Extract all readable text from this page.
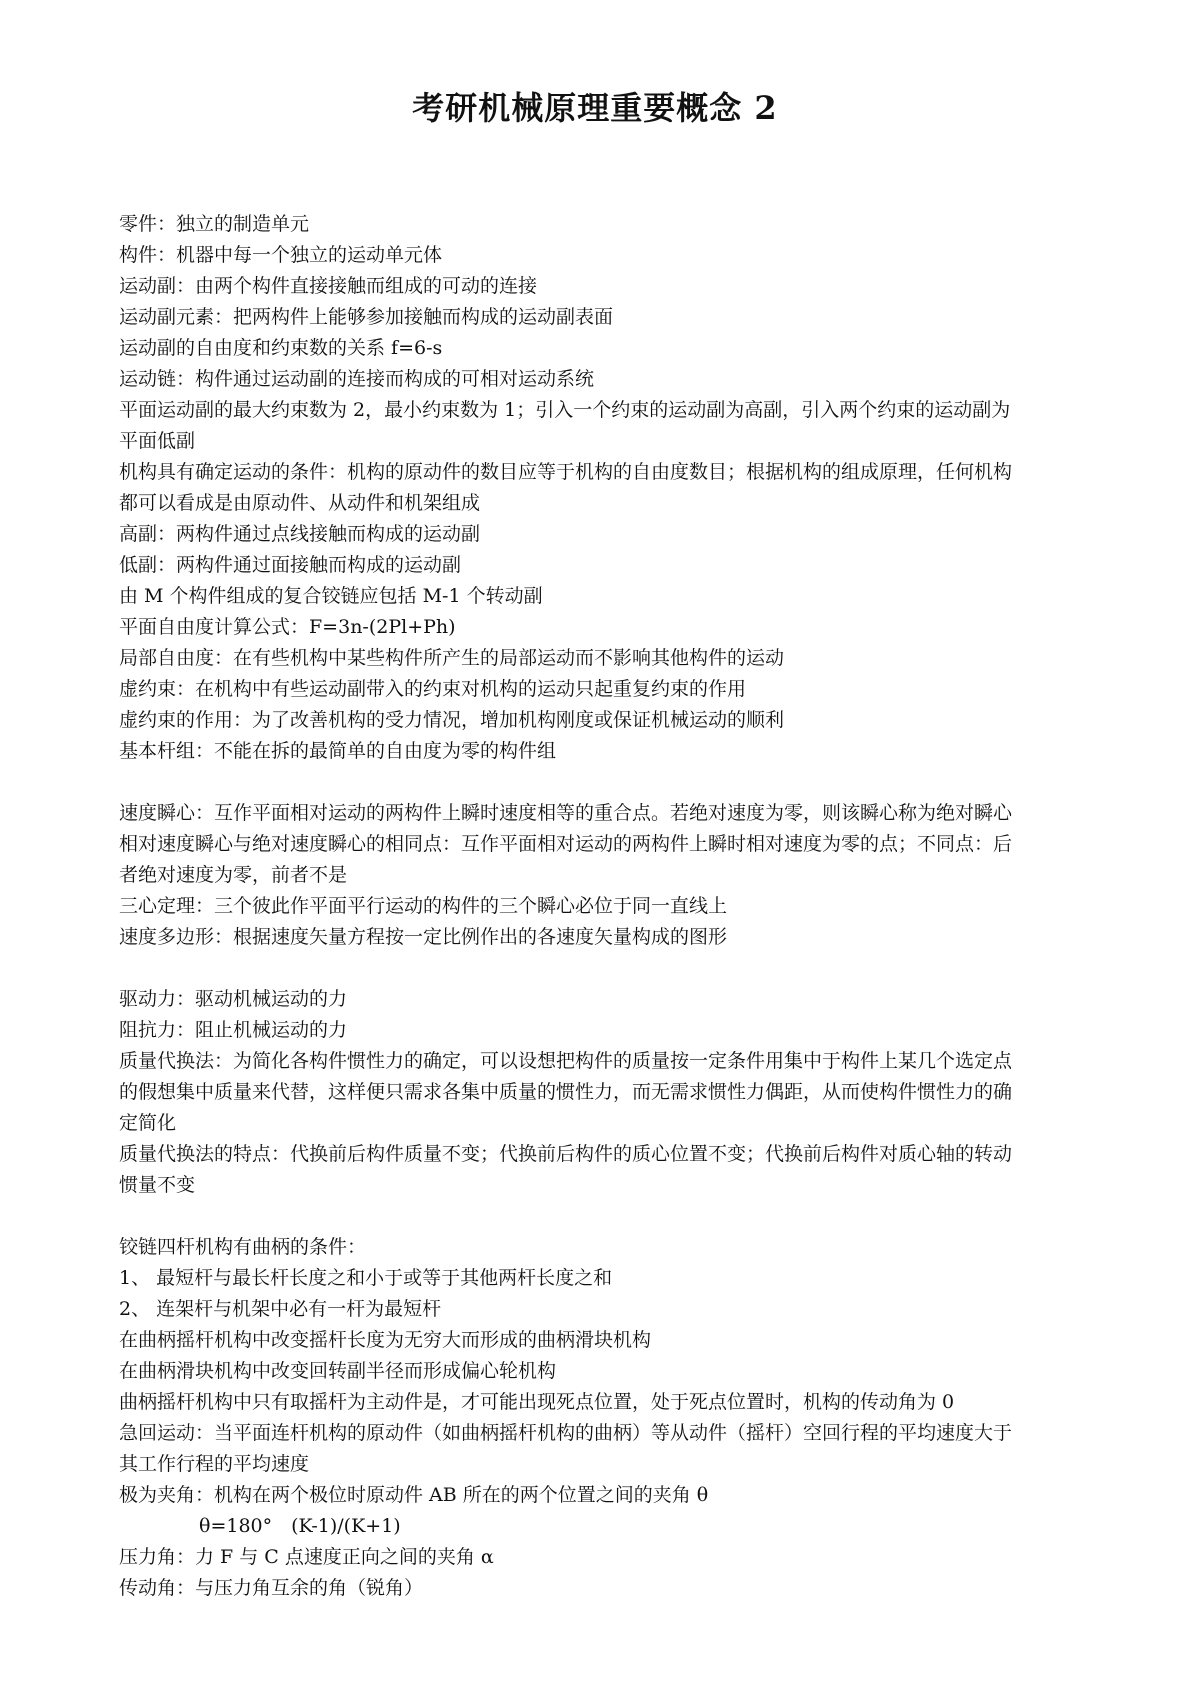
考研机械原理重要概念 2
零件：独立的制造单元
构件：机器中每一个独立的运动单元体
运动副：由两个构件直接接触而组成的可动的连接
运动副元素：把两构件上能够参加接触而构成的运动副表面
运动副的自由度和约束数的关系 f=6-s
运动链：构件通过运动副的连接而构成的可相对运动系统
平面运动副的最大约束数为 2，最小约束数为 1；引入一个约束的运动副为高副，引入两个约束的运动副为
平面低副
机构具有确定运动的条件：机构的原动件的数目应等于机构的自由度数目；根据机构的组成原理，任何机构
都可以看成是由原动件、从动件和机架组成
高副：两构件通过点线接触而构成的运动副
低副：两构件通过面接触而构成的运动副
由 M 个构件组成的复合铰链应包括 M-1 个转动副
平面自由度计算公式：F=3n-(2Pl+Ph)
局部自由度：在有些机构中某些构件所产生的局部运动而不影响其他构件的运动
虚约束：在机构中有些运动副带入的约束对机构的运动只起重复约束的作用
虚约束的作用：为了改善机构的受力情况，增加机构刚度或保证机械运动的顺利
基本杆组：不能在拆的最简单的自由度为零的构件组
速度瞬心：互作平面相对运动的两构件上瞬时速度相等的重合点。若绝对速度为零，则该瞬心称为绝对瞬心
相对速度瞬心与绝对速度瞬心的相同点：互作平面相对运动的两构件上瞬时相对速度为零的点；不同点：后
者绝对速度为零，前者不是
三心定理：三个彼此作平面平行运动的构件的三个瞬心必位于同一直线上
速度多边形：根据速度矢量方程按一定比例作出的各速度矢量构成的图形
驱动力：驱动机械运动的力
阻抗力：阻止机械运动的力
质量代换法：为简化各构件惯性力的确定，可以设想把构件的质量按一定条件用集中于构件上某几个选定点
的假想集中质量来代替，这样便只需求各集中质量的惯性力，而无需求惯性力偶距，从而使构件惯性力的确
定简化
质量代换法的特点：代换前后构件质量不变；代换前后构件的质心位置不变；代换前后构件对质心轴的转动
惯量不变
铰链四杆机构有曲柄的条件：
1、 最短杆与最长杆长度之和小于或等于其他两杆长度之和
2、 连架杆与机架中必有一杆为最短杆
在曲柄摇杆机构中改变摇杆长度为无穷大而形成的曲柄滑块机构
在曲柄滑块机构中改变回转副半径而形成偏心轮机构
曲柄摇杆机构中只有取摇杆为主动件是，才可能出现死点位置，处于死点位置时，机构的传动角为 0
急回运动：当平面连杆机构的原动件（如曲柄摇杆机构的曲柄）等从动件（摇杆）空回行程的平均速度大于
其工作行程的平均速度
极为夹角：机构在两个极位时原动件 AB 所在的两个位置之间的夹角 θ
θ=180°　(K-1)/(K+1)
压力角：力 F 与 C 点速度正向之间的夹角 α
传动角：与压力角互余的角（锐角）
